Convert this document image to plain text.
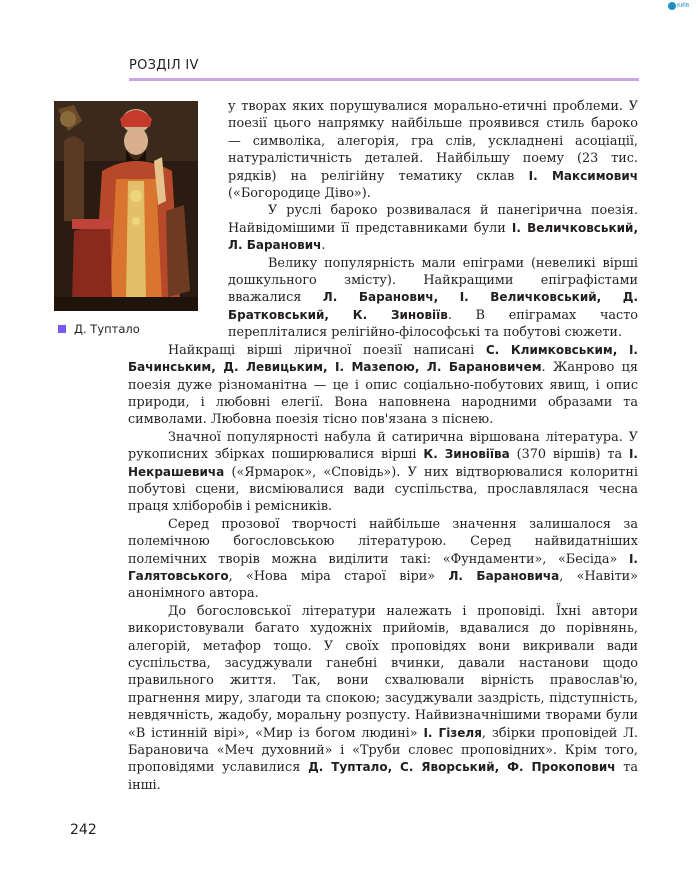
КИЇВ
РОЗДІЛ IV
Д. Туптало

у творах яких порушувалися морально-етичні проблеми. У поезії цього напрямку найбільше проявився стиль бароко — символіка, алегорія, гра слів, ускладнені асоціації, натуралістичність деталей. Найбільшу поему (23 тис. рядків) на релігійну тематику склав І. Максимович («Богородице Діво»).

У руслі бароко розвивалася й панегірична поезія. Найвідомішими її представниками були І. Величковський, Л. Баранович.

Велику популярність мали епіграми (невеликі вірші дошкульного змісту). Найкращими епіграфістами вважалися Л. Баранович, І. Величковський, Д. Братковський, К. Зиновіїв. В епіграмах часто перепліталися релігійно-філософські та побутові сюжети.

Найкращі вірші ліричної поезії написані С. Климковським, І. Бачинським, Д. Левицьким, І. Мазепою, Л. Барановичем. Жанрово ця поезія дуже різноманітна — це і опис соціально-побутових явищ, і опис природи, і любовні елегії. Вона наповнена народними образами та символами. Любовна поезія тісно пов'язана з піснею.

Значної популярності набула й сатирична віршована література. У рукописних збірках поширювалися вірші К. Зиновіїва (370 віршів) та І. Некрашевича («Ярмарок», «Сповідь»). У них відтворювалися колоритні побутові сцени, висміювалися вади суспільства, прославлялася чесна праця хліборобів і ремісників.

Серед прозової творчості найбільше значення залишалося за полемічною богословською літературою. Серед найвидатніших полемічних творів можна виділити такі: «Фундаменти», «Бесіда» І. Галятовського, «Нова міра старої віри» Л. Барановича, «Навіти» анонімного автора.

До богословської літератури належать і проповіді. Їхні автори використовували багато художніх прийомів, вдавалися до порівнянь, алегорій, метафор тощо. У своїх проповідях вони викривали вади суспільства, засуджували ганебні вчинки, давали настанови щодо правильного життя. Так, вони схвалювали вірність православ'ю, прагнення миру, злагоди та спокою; засуджували заздрість, підступність, невдячність, жадобу, моральну розпусту. Найвизначнішими творами були «В істинній вірі», «Мир із богом людині» І. Гізеля, збірки проповідей Л. Барановича «Меч духовний» і «Труби словес проповідних». Крім того, проповідями уславилися Д. Туптало, С. Яворський, Ф. Прокопович та інші.

242
